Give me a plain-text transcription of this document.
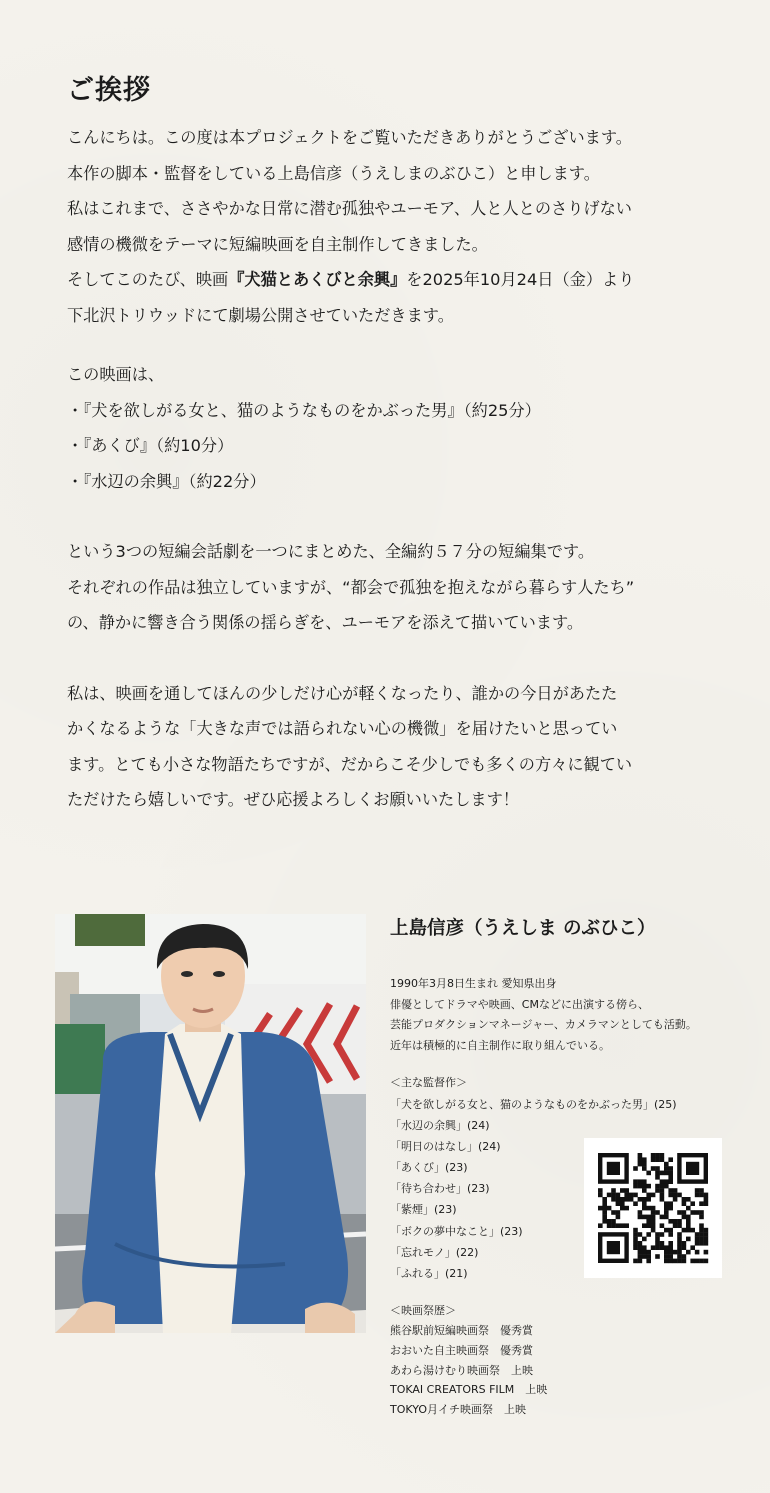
ご挨拶
こんにちは。この度は本プロジェクトをご覧いただきありがとうございます。
本作の脚本・監督をしている上島信彦（うえしまのぶひこ）と申します。
私はこれまで、ささやかな日常に潜む孤独やユーモア、人と人とのさりげない
感情の機微をテーマに短編映画を自主制作してきました。
そしてこのたび、映画『犬猫とあくびと余興』を2025年10月24日（金）より
下北沢トリウッドにて劇場公開させていただきます。
この映画は、
・『犬を欲しがる女と、猫のようなものをかぶった男』（約25分）
・『あくび』（約10分）
・『水辺の余興』（約22分）
という3つの短編会話劇を一つにまとめた、全編約５７分の短編集です。
それぞれの作品は独立していますが、“都会で孤独を抱えながら暮らす人たち”
の、静かに響き合う関係の揺らぎを、ユーモアを添えて描いています。
私は、映画を通してほんの少しだけ心が軽くなったり、誰かの今日があたた
かくなるような「大きな声では語られない心の機微」を届けたいと思ってい
ます。とても小さな物語たちですが、だからこそ少しでも多くの方々に観てい
ただけたら嬉しいです。ぜひ応援よろしくお願いいたします！
上島信彦（うえしま のぶひこ）
1990年3月8日生まれ 愛知県出身
俳優としてドラマや映画、CMなどに出演する傍ら、
芸能プロダクションマネージャー、カメラマンとしても活動。
近年は積極的に自主制作に取り組んでいる。
＜主な監督作＞
「犬を欲しがる女と、猫のようなものをかぶった男」(25)
「水辺の余興」(24)
「明日のはなし」(24)
「あくび」(23)
「待ち合わせ」(23)
「紫煙」(23)
「ボクの夢中なこと」(23)
「忘れモノ」(22)
「ふれる」(21)
＜映画祭歴＞
熊谷駅前短編映画祭　優秀賞
おおいた自主映画祭　優秀賞
あわら湯けむり映画祭　上映
TOKAI CREATORS FILM　上映
TOKYO月イチ映画祭　上映
